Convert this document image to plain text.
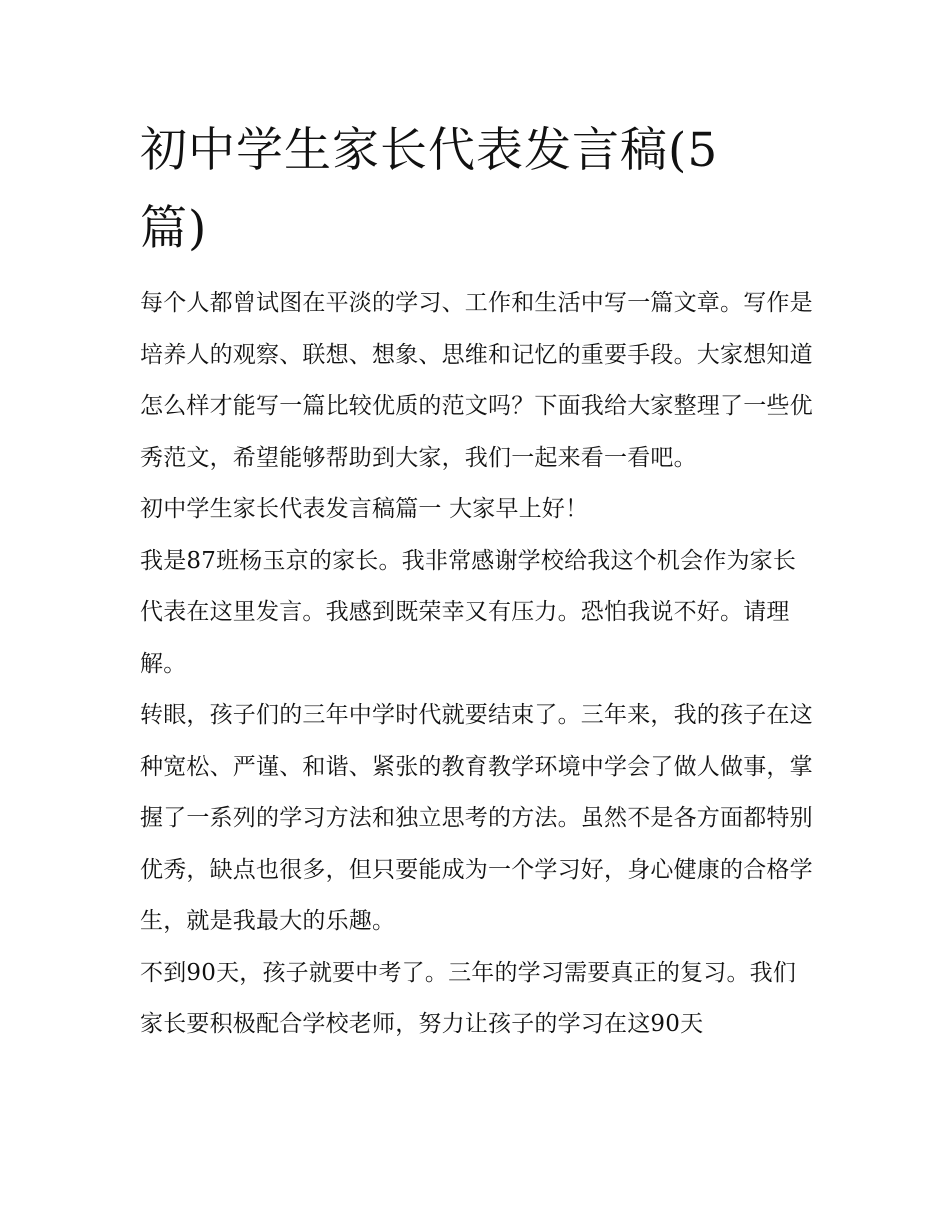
初中学生家长代表发言稿(5篇)

每个人都曾试图在平淡的学习、工作和生活中写一篇文章。写作是培养人的观察、联想、想象、思维和记忆的重要手段。大家想知道怎么样才能写一篇比较优质的范文吗？下面我给大家整理了一些优秀范文，希望能够帮助到大家，我们一起来看一看吧。

初中学生家长代表发言稿篇一 大家早上好！

我是87班杨玉京的家长。我非常感谢学校给我这个机会作为家长代表在这里发言。我感到既荣幸又有压力。恐怕我说不好。请理解。

转眼，孩子们的三年中学时代就要结束了。三年来，我的孩子在这种宽松、严谨、和谐、紧张的教育教学环境中学会了做人做事，掌握了一系列的学习方法和独立思考的方法。虽然不是各方面都特别优秀，缺点也很多，但只要能成为一个学习好，身心健康的合格学生，就是我最大的乐趣。

不到90天，孩子就要中考了。三年的学习需要真正的复习。我们家长要积极配合学校老师，努力让孩子的学习在这90天
